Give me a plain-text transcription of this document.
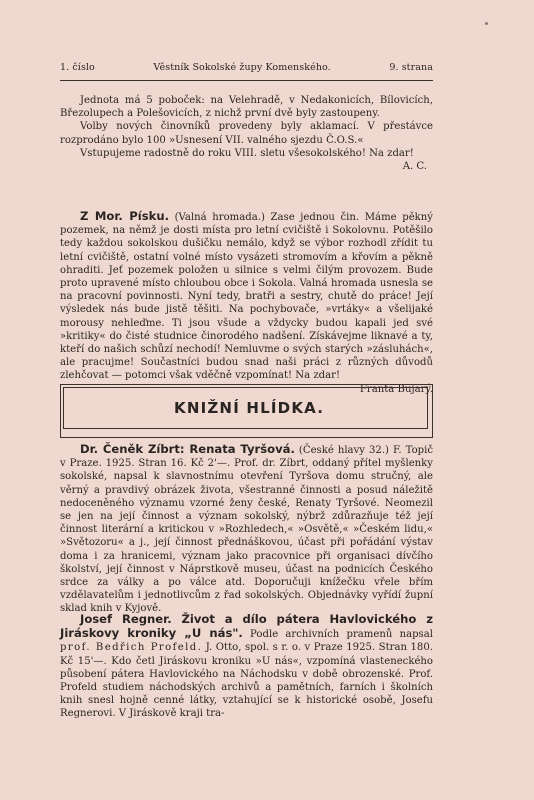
1. číslo	Věstník Sokolské župy Komenského.	9. strana

Jednota má 5 poboček: na Velehradě, v Nedakonicích, Bílovicích, Březolupech a Polešovicích, z nichž první dvě byly zastoupeny.

Volby nových činovníků provedeny byly aklamací. V přestávce rozprodáno bylo 100 »Usnesení VII. valného sjezdu Č.O.S.«

Vstupujeme radostně do roku VIII. sletu všesokolského! Na zdar!

A. C.

Z Mor. Písku. (Valná hromada.) Zase jednou čin. Máme pěkný pozemek, na němž je dosti místa pro letní cvičiště i Sokolovnu. Potěšilo tedy každou sokolskou dušičku nemálo, když se výbor rozhodl zřídit tu letní cvičiště, ostatní volné místo vysázeti stromovím a křovím a pěkně ohraditi. Jeť pozemek položen u silnice s velmi čilým provozem. Bude proto upravené místo chloubou obce i Sokola. Valná hromada usnesla se na pracovní povinnosti. Nyní tedy, bratři a sestry, chutě do práce! Její výsledek nás bude jistě těšiti. Na pochybovače, »vrtáky« a všelijaké morousy nehleďme. Ti jsou všude a vždycky budou kapali jed své »kritiky« do čisté studnice činorodého nadšení. Získávejme liknavé a ty, kteří do našich schůzí nechodí! Nemluvme o svých starých »zásluhách«, ale pracujme! Součastníci budou snad naši práci z různých důvodů zlehčovat — potomci však vděčně vzpomínat! Na zdar!
Franta Bujarý.

KNIŽNÍ HLÍDKA.

Dr. Čeněk Zíbrt: Renata Tyršová. (České hlavy 32.) F. Topič v Praze. 1925. Stran 16. Kč 2'—. Prof. dr. Zíbrt, oddaný přítel myšlenky sokolské, napsal k slavnostnímu otevření Tyršova domu stručný, ale věrný a pravdivý obrázek života, všestranné činnosti a posud náležitě nedoceněného významu vzorné ženy české, Renaty Tyršové. Neomezil se jen na její činnost a význam sokolský, nýbrž zdůrazňuje též její činnost literární a kritickou v »Rozhledech,« »Osvětě,« »Českém lidu,« »Světozoru« a j., její činnost přednáškovou, účast při pořádání výstav doma i za hranicemi, význam jako pracovnice při organisaci dívčího školství, její činnost v Náprstkově museu, účast na podnicích Českého srdce za války a po válce atd. Doporučuji knížečku vřele břím vzdělavatelům i jednotlivcům z řad sokolských. Objednávky vyřídí župní sklad knih v Kyjově.

Josef Regner. Život a dílo pátera Havlovického z Jiráskovy kroniky „U nás". Podle archivních pramenů napsal prof. Bedřich Profeld. J. Otto, spol. s r. o. v Praze 1925. Stran 180. Kč 15'—. Kdo četl Jiráskovu kroniku »U nás«, vzpomíná vlasteneckého působení pátera Havlovického na Náchodsku v době obrozenské. Prof. Profeld studiem náchodských archivů a pamětních, farních i školních knih snesl hojně cenné látky, vztahující se k historické osobě, Josefu Regnerovi. V Jiráskově kraji tra-
